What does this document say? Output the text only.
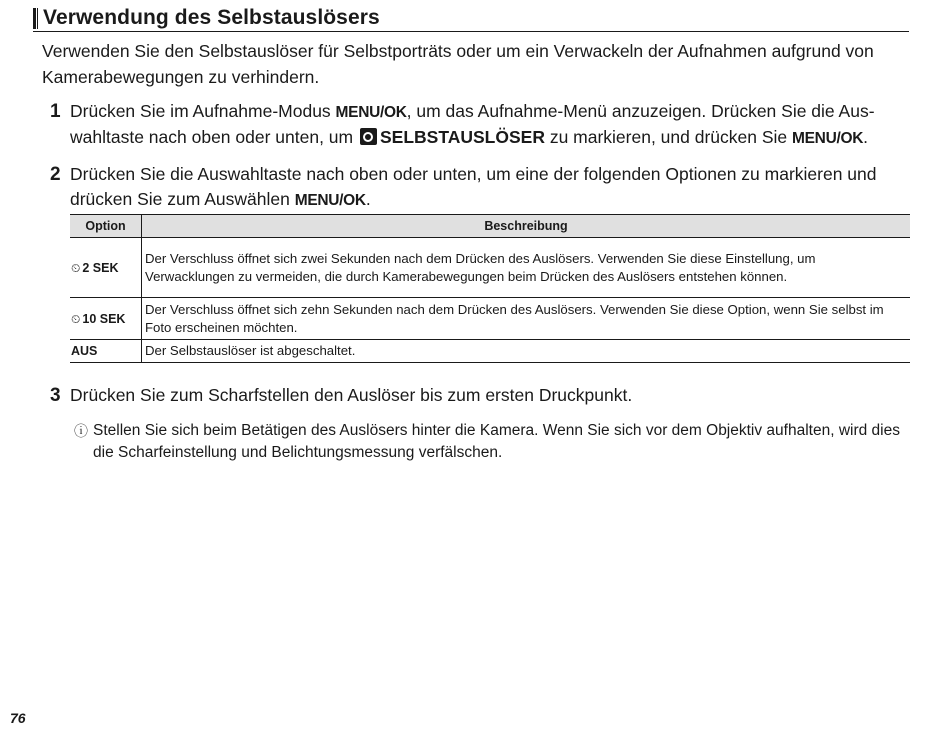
Verwendung des Selbstauslösers
Verwenden Sie den Selbstauslöser für Selbstporträts oder um ein Verwackeln der Aufnahmen aufgrund von Kamerabewegungen zu verhindern.
1 Drücken Sie im Aufnahme-Modus MENU/OK, um das Aufnahme-Menü anzuzeigen. Drücken Sie die Auswahltaste nach oben oder unten, um SELBSTAUSLÖSER zu markieren, und drücken Sie MENU/OK.
2 Drücken Sie die Auswahltaste nach oben oder unten, um eine der folgenden Optionen zu markieren und drücken Sie zum Auswählen MENU/OK.
Option	Beschreibung
⏲ 2 SEK	Der Verschluss öffnet sich zwei Sekunden nach dem Drücken des Auslösers. Verwenden Sie diese Einstellung, um Verwacklungen zu vermeiden, die durch Kamerabewegungen beim Drücken des Auslösers entstehen können.
⏲ 10 SEK	Der Verschluss öffnet sich zehn Sekunden nach dem Drücken des Auslösers. Verwenden Sie diese Option, wenn Sie selbst im Foto erscheinen möchten.
AUS	Der Selbstauslöser ist abgeschaltet.
3 Drücken Sie zum Scharfstellen den Auslöser bis zum ersten Druckpunkt.
ⓘ Stellen Sie sich beim Betätigen des Auslösers hinter die Kamera. Wenn Sie sich vor dem Objektiv aufhalten, wird dies die Scharfeinstellung und Belichtungsmessung verfälschen.
76
